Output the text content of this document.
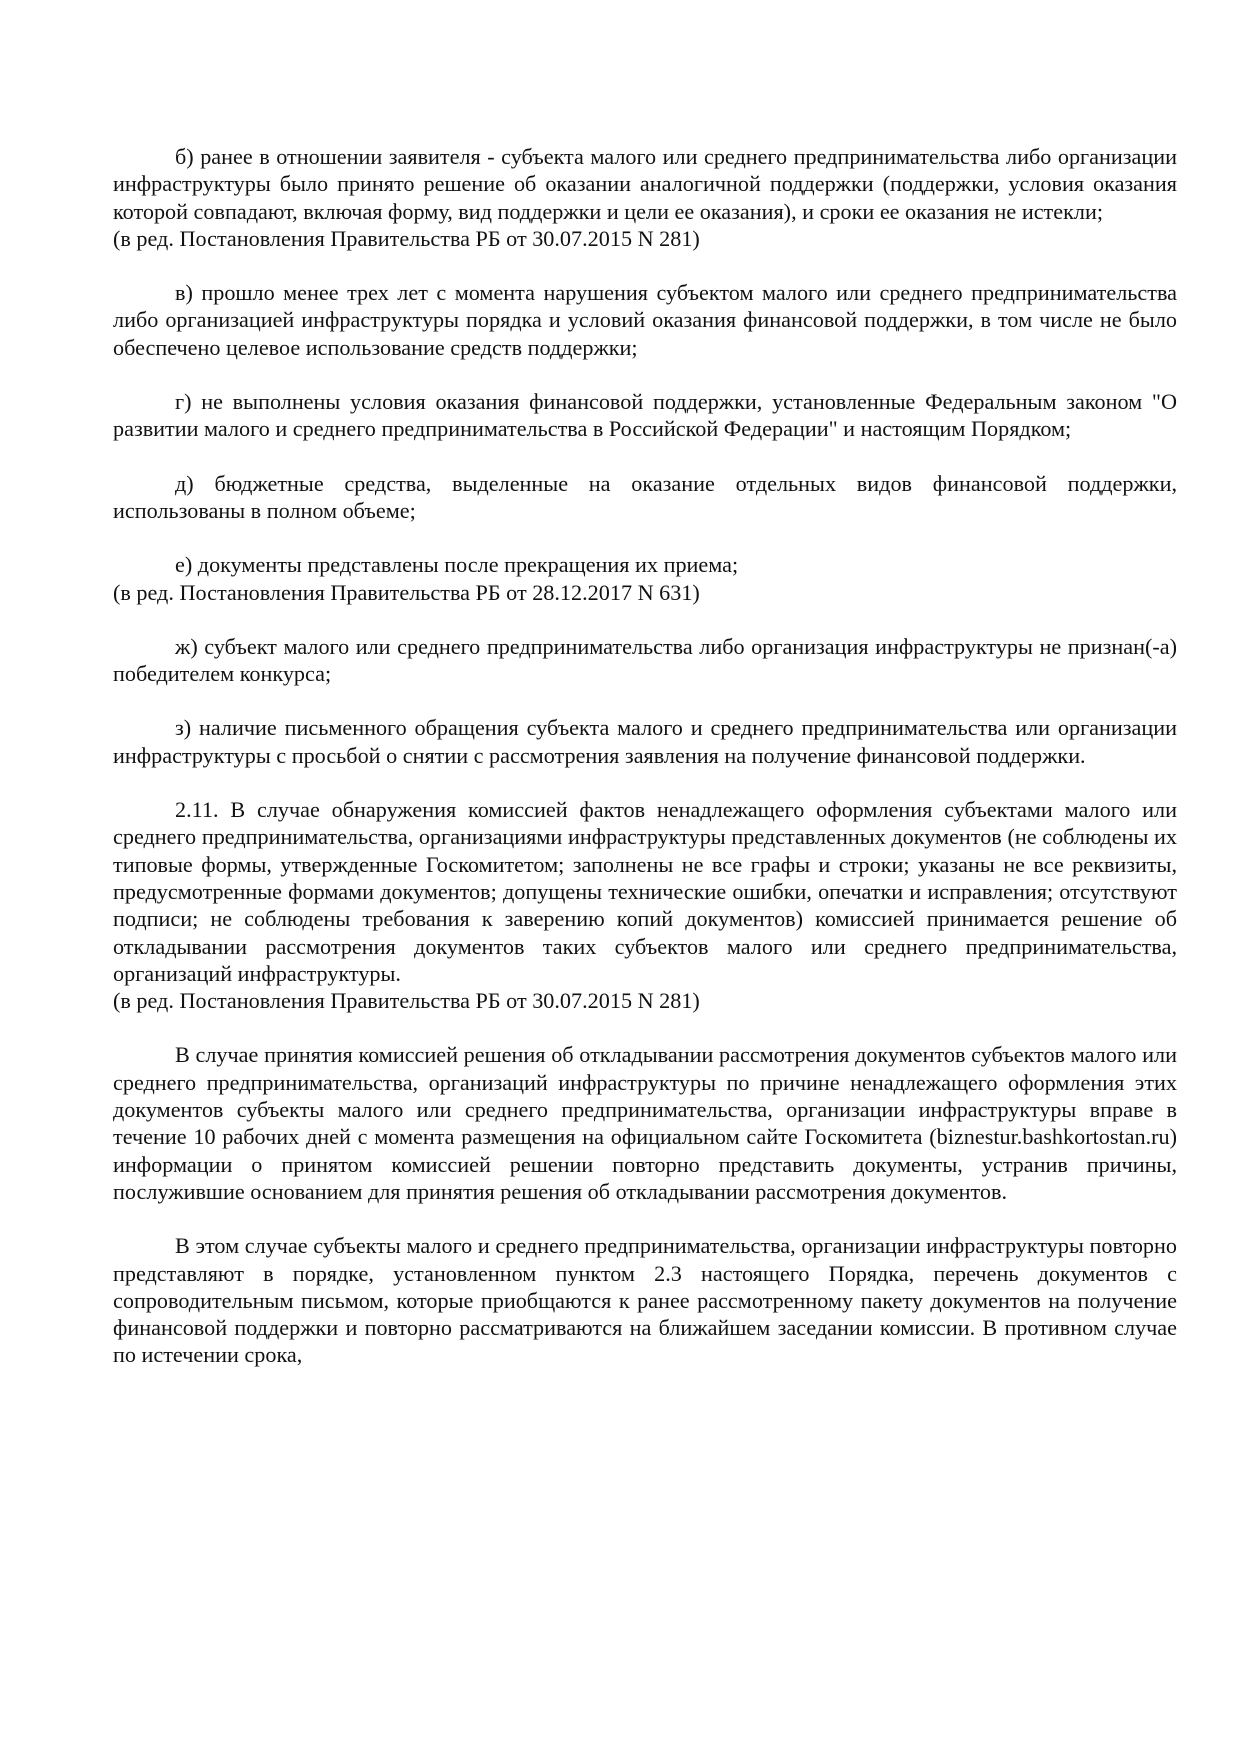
б) ранее в отношении заявителя - субъекта малого или среднего предпринимательства либо организации инфраструктуры было принято решение об оказании аналогичной поддержки (поддержки, условия оказания которой совпадают, включая форму, вид поддержки и цели ее оказания), и сроки ее оказания не истекли;

(в ред. Постановления Правительства РБ от 30.07.2015 N 281)

в) прошло менее трех лет с момента нарушения субъектом малого или среднего предпринимательства либо организацией инфраструктуры порядка и условий оказания финансовой поддержки, в том числе не было обеспечено целевое использование средств поддержки;

г) не выполнены условия оказания финансовой поддержки, установленные Федеральным законом "О развитии малого и среднего предпринимательства в Российской Федерации" и настоящим Порядком;

д) бюджетные средства, выделенные на оказание отдельных видов финансовой поддержки, использованы в полном объеме;

е) документы представлены после прекращения их приема;

(в ред. Постановления Правительства РБ от 28.12.2017 N 631)

ж) субъект малого или среднего предпринимательства либо организация инфраструктуры не признан(-а) победителем конкурса;

з) наличие письменного обращения субъекта малого и среднего предпринимательства или организации инфраструктуры с просьбой о снятии с рассмотрения заявления на получение финансовой поддержки.

2.11. В случае обнаружения комиссией фактов ненадлежащего оформления субъектами малого или среднего предпринимательства, организациями инфраструктуры представленных документов (не соблюдены их типовые формы, утвержденные Госкомитетом; заполнены не все графы и строки; указаны не все реквизиты, предусмотренные формами документов; допущены технические ошибки, опечатки и исправления; отсутствуют подписи; не соблюдены требования к заверению копий документов) комиссией принимается решение об откладывании рассмотрения документов таких субъектов малого или среднего предпринимательства, организаций инфраструктуры.

(в ред. Постановления Правительства РБ от 30.07.2015 N 281)

В случае принятия комиссией решения об откладывании рассмотрения документов субъектов малого или среднего предпринимательства, организаций инфраструктуры по причине ненадлежащего оформления этих документов субъекты малого или среднего предпринимательства, организации инфраструктуры вправе в течение 10 рабочих дней с момента размещения на официальном сайте Госкомитета (biznestur.bashkortostan.ru) информации о принятом комиссией решении повторно представить документы, устранив причины, послужившие основанием для принятия решения об откладывании рассмотрения документов.

В этом случае субъекты малого и среднего предпринимательства, организации инфраструктуры повторно представляют в порядке, установленном пунктом 2.3 настоящего Порядка, перечень документов с сопроводительным письмом, которые приобщаются к ранее рассмотренному пакету документов на получение финансовой поддержки и повторно рассматриваются на ближайшем заседании комиссии. В противном случае по истечении срока,
